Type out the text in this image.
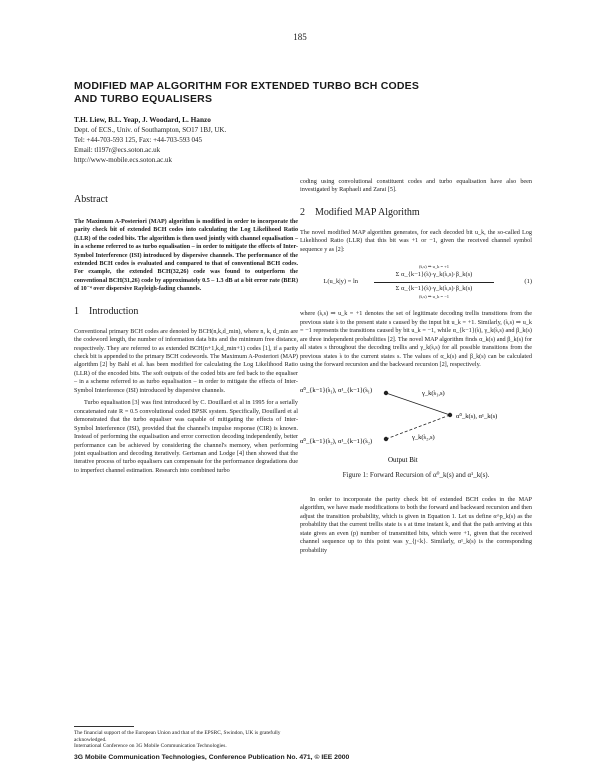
185
MODIFIED MAP ALGORITHM FOR EXTENDED TURBO BCH CODES
AND TURBO EQUALISERS
T.H. Liew, B.L. Yeap, J. Woodard, L. Hanzo
Dept. of ECS., Univ. of Southampton, SO17 1BJ, UK.
Tel: +44-703-593 125, Fax: +44-703-593 045
Email: tl197r@ecs.soton.ac.uk
http://www-mobile.ecs.soton.ac.uk
Abstract
The Maximum A-Posteriori (MAP) algorithm is modified in order to incorporate the parity check bit of extended BCH codes into calculating the Log Likelihood Ratio (LLR) of the coded bits. The algorithm is then used jointly with channel equalisation – in a scheme referred to as turbo equalisation – in order to mitigate the effects of Inter-Symbol Interference (ISI) introduced by dispersive channels. The performance of the extended BCH codes is evaluated and compared to that of conventional BCH codes. For example, the extended BCH(32,26) code was found to outperform the conventional BCH(31,26) code by approximately 0.5 – 1.3 dB at a bit error rate (BER) of 10⁻⁴ over dispersive Rayleigh-fading channels.
1 Introduction

Conventional primary BCH codes are denoted by BCH(n,k,d_min), where n, k, d_min are the codeword length, the number of information data bits and the minimum free distance, respectively. They are referred to as extended BCH(n+1,k,d_min+1) codes [1], if a parity check bit is appended to the primary BCH codewords. The Maximum A-Posteriori (MAP) algorithm [2] by Bahl et al. has been modified for calculating the Log Likelihood Ratio (LLR) of the encoded bits. The soft outputs of the coded bits are fed back to the equaliser – in a scheme referred to as turbo equalisation – in order to mitigate the effects of Inter-Symbol Interference (ISI) introduced by dispersive channels.

Turbo equalisation [3] was first introduced by C. Douillard et al in 1995 for a serially concatenated rate R = 0.5 convolutional coded BPSK system. Specifically, Douillard et al demonstrated that the turbo equaliser was capable of mitigating the effects of Inter-Symbol Interference (ISI), provided that the channel's impulse response (CIR) is known. Instead of performing the equalisation and error correction decoding independently, better performance can be achieved by considering the channel's memory, when performing joint equalisation and decoding iteratively. Gertsman and Lodge [4] then showed that the iterative process of turbo equalisers can compensate for the performance degradations due to imperfect channel estimation. Research into combined turbo

coding using convolutional constituent codes and turbo equalisation have also been investigated by Raphaeli and Zarai [5].

2 Modified MAP Algorithm

The novel modified MAP algorithm generates, for each decoded bit u_k, the so-called Log Likelihood Ratio (LLR) that this bit was +1 or −1, given the received channel symbol sequence y as [2]:

L(u_k|y) = ln
(s̀,s) ⇒ u_k = +1
Σ α_{k−1}(s̀)·γ_k(s̀,s)·β_k(s)
Σ α_{k−1}(s̀)·γ_k(s̀,s)·β_k(s)
(s̀,s) ⇒ u_k = −1
(1)

where (s̀,s) ⇒ u_k = +1 denotes the set of legitimate decoding trellis transitions from the previous state s̀ to the present state s caused by the input bit u_k = +1. Similarly, (s̀,s) ⇒ u_k = −1 represents the transitions caused by bit u_k = −1, while α_{k−1}(s̀), γ_k(s̀,s) and β_k(s) are three independent probabilities [2]. The novel MAP algorithm finds α_k(s) and β_k(s) for all states s throughout the decoding trellis and γ_k(s̀,s) for all possible transitions from the previous states s̀ to the current states s. The values of α_k(s) and β_k(s) can be calculated using the forward recursion and the backward recursion [2], respectively.

α⁰_{k−1}(s̀₁), α¹_{k−1}(s̀₁)
α⁰_{k−1}(s̀₂), α¹_{k−1}(s̀₂)
γ_k(s̀₁,s)
γ_k(s̀₂,s)
α⁰_k(s), α¹_k(s)
Output Bit
Figure 1: Forward Recursion of α⁰_k(s) and α¹_k(s).

In order to incorporate the parity check bit of extended BCH codes in the MAP algorithm, we have made modifications to both the forward and backward recursion and then adjust the transition probability, which is given in Equation 1. Let us define α^p_k(s) as the probability that the current trellis state is s at time instant k, and that the path arriving at this state gives an even (p) number of transmitted bits, which were +1, given that the received channel sequence up to this point was y_{j<k}. Similarly, α¹_k(s) is the corresponding probability

The financial support of the European Union and that of the EPSRC, Swindon, UK is gratefully acknowledged.
International Conference on 3G Mobile Communication Technologies.
3G Mobile Communication Technologies, Conference Publication No. 471, © IEE 2000
